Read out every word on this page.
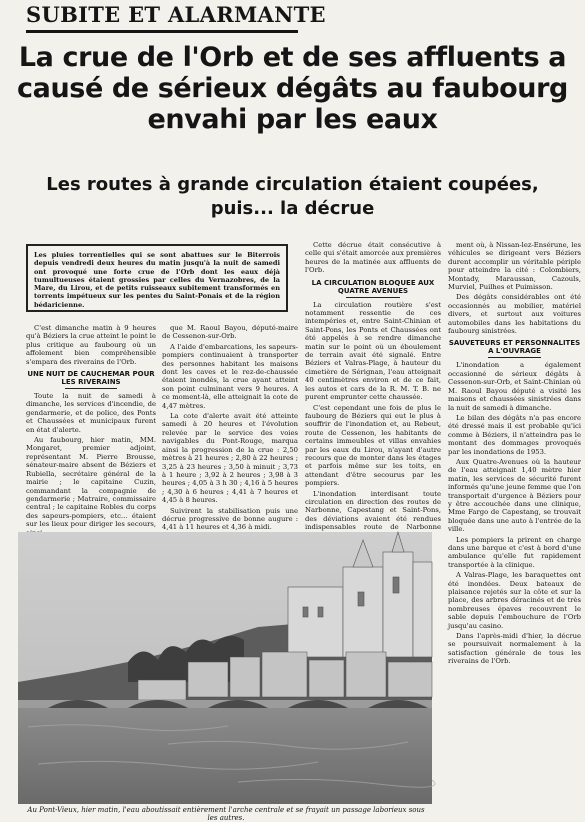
SUBITE ET ALARMANTE
La crue de l'Orb et de ses affluents a causé de sérieux dégâts au faubourg envahi par les eaux
Les routes à grande circulation étaient coupées, puis... la décrue
Les pluies torrentielles qui se sont abattues sur le Biterrois depuis vendredi deux heures du matin jusqu'à la nuit de samedi ont provoqué une forte crue de l'Orb dont les eaux déjà tumultueuses étaient grossies par celles du Vernazobres, de la Mare, du Lirou, et de petits ruisseaux subitement transformés en torrents impétueux sur les pentes du Saint-Ponais et de la région bédaricienne.

C'est dimanche matin à 9 heures qu'à Béziers la crue atteint le point le plus critique au faubourg où un affolement bien compréhensible s'empara des riverains de l'Orb.

UNE NUIT DE CAUCHEMAR POUR LES RIVERAINS

Toute la nuit de samedi à dimanche, les services d'incendie, de gendarmerie, et de police, des Ponts et Chaussées et municipaux furent en état d'alerte.

Au faubourg, hier matin, MM. Mongaret, premier adjoint, représentant M. Pierre Brousse, sénateur-maire absent de Béziers et Rubiella, secrétaire général de la mairie ; le capitaine Cuzin, commandant la compagnie de gendarmerie ; Matraire, commissaire central ; le capitaine Robles du corps des sapeurs-pompiers, etc... étaient sur les lieux pour diriger les secours,

que M. Raoul Bayou, député-maire de Cessenon-sur-Orb.

A l'aide d'embarcations, les sapeurs-pompiers continuaient à transporter des personnes habitant les maisons dont les caves et le rez-de-chaussée étaient inondés, la crue ayant atteint son point culminant vers 9 heures. A ce moment-là, elle atteignait la cote de 4,47 mètres.

La cote d'alerte avait été atteinte samedi à 20 heures et l'évolution relevée par le service des voies navigables du Pont-Rouge, marqua ainsi la progression de la crue : 2,50 mètres à 21 heures ; 2,80 à 22 heures ; 3,25 à 23 heures ; 3,50 à minuit ; 3,73 à 1 heure ; 3,92 à 2 heures ; 3,98 à 3 heures ; 4,05 à 3 h 30 ; 4,16 à 5 heures ; 4,30 à 6 heures ; 4,41 à 7 heures et 4,45 à 8 heures.

Suivirent la stabilisation puis une décrue progressive de bonne augure : 4,41 à 11 heures et 4,36 à midi.

Cette décrue était consécutive à celle qui s'était amorcée aux premières heures de la matinée aux affluents de l'Orb.

LA CIRCULATION BLOQUEE AUX QUATRE AVENUES

La circulation routière s'est notamment ressentie de ces intempéries et, entre Saint-Chinian et Saint-Pons, les Ponts et Chaussées ont été appelés à se rendre dimanche matin sur le point où un éboulement de terrain avait été signalé. Entre Béziers et Valras-Plage, à hauteur du cimetière de Sérignan, l'eau atteignait 40 centimètres environ et de ce fait, les autos et cars de la R. M. T. B. ne purent emprunter cette chaussée.

C'est cependant une fois de plus le faubourg de Béziers qui eut le plus à souffrir de l'inondation et, au Rebeut, route de Cessenon, les habitants de certains immeubles et villas envahies par les eaux du Lirou, n'ayant d'autre recours que de monter dans les étages et parfois même sur les toits, en attendant d'être secourus par les pompiers.

L'inondation interdisant toute circulation en direction des routes de Narbonne, Capestang et Saint-Pons, des déviations avaient été rendues indispensables route de Narbonne

ment où, à Nissan-lez-Ensérune, les véhicules se dirigeant vers Béziers durent accomplir un véritable périple pour atteindre la cité : Colombiers, Montady, Maraussan, Cazouls, Murviel, Puilhes et Puimisson.

Des dégâts considérables ont été occasionnés au mobilier, matériel divers, et surtout aux voitures automobiles dans les habitations du faubourg sinistrées.

SAUVETEURS ET PERSONNALITES A L'OUVRAGE

L'inondation a également occasionné de sérieux dégâts à Cessenon-sur-Orb, et Saint-Chinian où M. Raoul Bayou député a visité les maisons et chaussées sinistrées dans la nuit de samedi à dimanche.

Le bilan des dégâts n'a pas encore été dressé mais il est probable qu'ici comme à Béziers, il n'atteindra pas le montant des dommages provoqués par les inondations de 1953.

Aux Quatre-Avenues où la hauteur de l'eau atteignait 1,40 mètre hier matin, les services de sécurité furent informés qu'une jeune femme que l'on transportait d'urgence à Béziers pour y être accouchée dans une clinique, Mme Fargo de Capestang, se trouvait bloquée dans une auto à l'entrée de la ville.

Les pompiers la prirent en charge dans une barque et c'est à bord d'une ambulance qu'elle fut rapidement transportée à la clinique.

A Valras-Plage, les baraquettes ont été inondées. Deux bateaux de plaisance rejetés sur la côte et sur la place, des arbres déracinés et de très nombreuses épaves recouvrent le sable depuis l'embouchure de l'Orb jusqu'au casino.

Dans l'après-midi d'hier, la décrue se poursuivait normalement à la satisfaction générale de tous les riverains de l'Orb.

Au Pont-Vieux, hier matin, l'eau aboutissait entièrement l'arche centrale et se frayait un passage laborieux sous les autres.
